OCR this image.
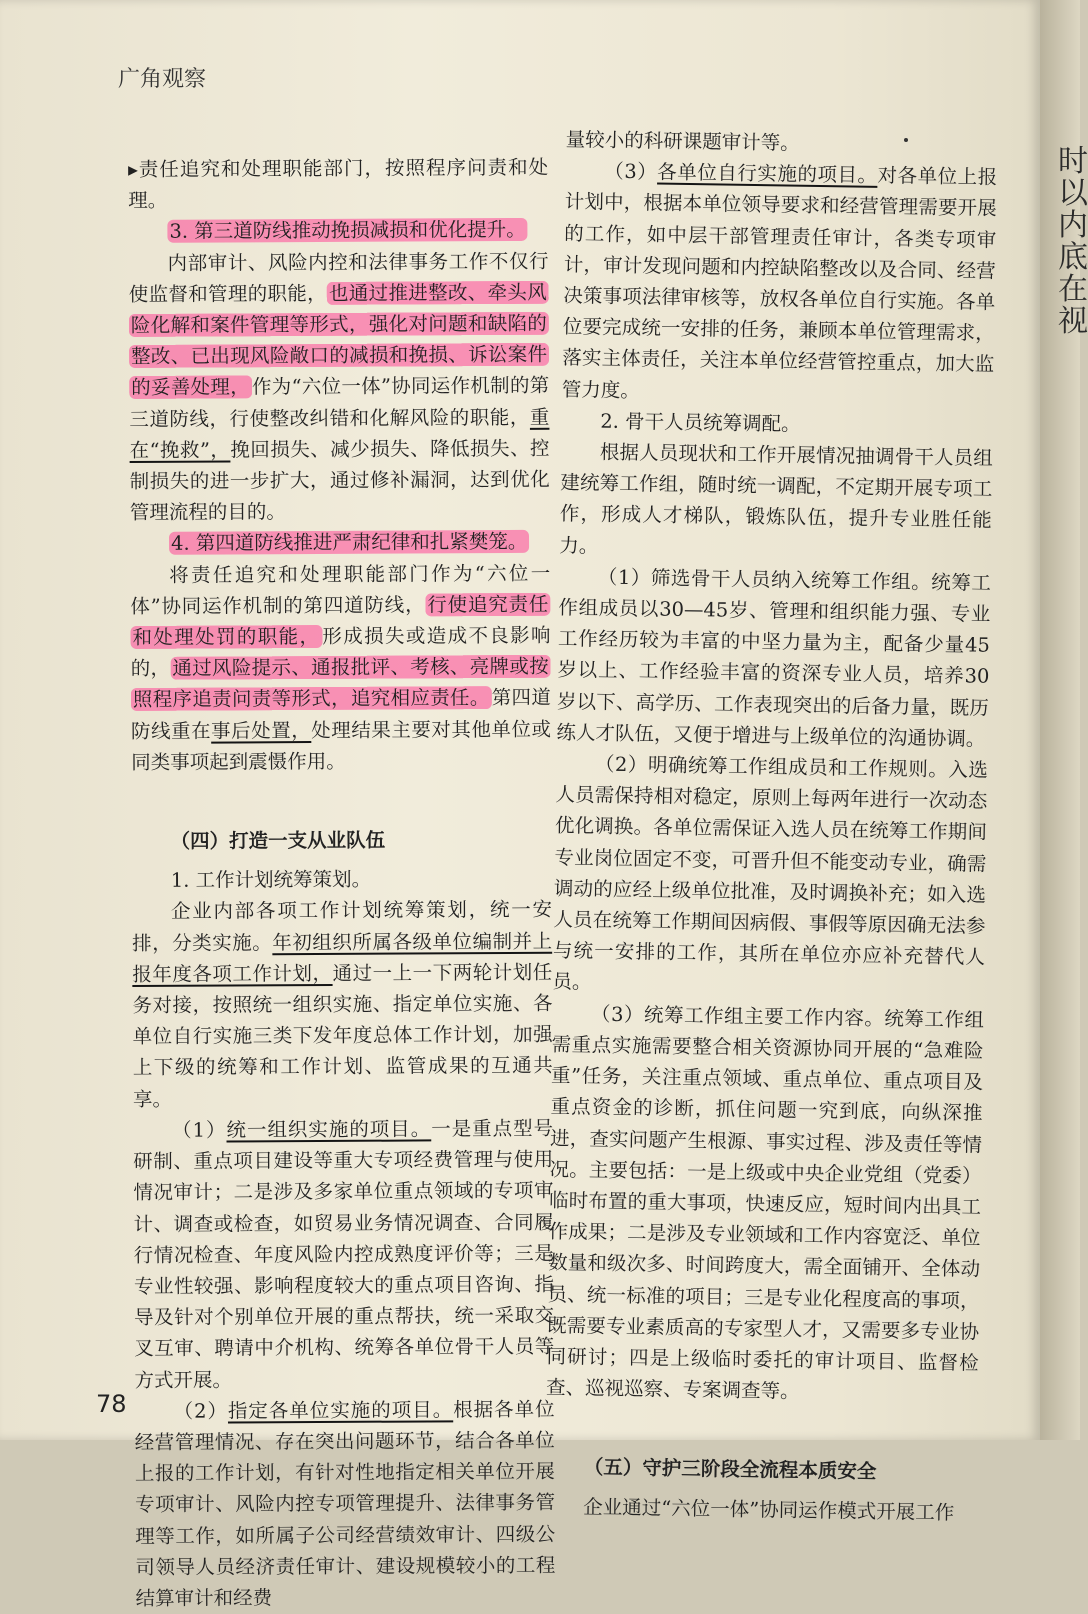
广角观察

▸责任追究和处理职能部门，按照程序问责和处理。

3. 第三道防线推动挽损减损和优化提升。

内部审计、风险内控和法律事务工作不仅行使监督和管理的职能，也通过推进整改、牵头风险化解和案件管理等形式，强化对问题和缺陷的整改、已出现风险敞口的减损和挽损、诉讼案件的妥善处理，作为“六位一体”协同运作机制的第三道防线，行使整改纠错和化解风险的职能，重在“挽救”，挽回损失、减少损失、降低损失、控制损失的进一步扩大，通过修补漏洞，达到优化管理流程的目的。

4. 第四道防线推进严肃纪律和扎紧樊笼。

将责任追究和处理职能部门作为“六位一体”协同运作机制的第四道防线，行使追究责任和处理处罚的职能，形成损失或造成不良影响的，通过风险提示、通报批评、考核、亮牌或按照程序追责问责等形式，追究相应责任。第四道防线重在事后处置，处理结果主要对其他单位或同类事项起到震慑作用。

（四）打造一支从业队伍

1. 工作计划统筹策划。

企业内部各项工作计划统筹策划，统一安排，分类实施。年初组织所属各级单位编制并上报年度各项工作计划，通过一上一下两轮计划任务对接，按照统一组织实施、指定单位实施、各单位自行实施三类下发年度总体工作计划，加强上下级的统筹和工作计划、监管成果的互通共享。

（1）统一组织实施的项目。一是重点型号研制、重点项目建设等重大专项经费管理与使用情况审计；二是涉及多家单位重点领域的专项审计、调查或检查，如贸易业务情况调查、合同履行情况检查、年度风险内控成熟度评价等；三是专业性较强、影响程度较大的重点项目咨询、指导及针对个别单位开展的重点帮扶，统一采取交叉互审、聘请中介机构、统筹各单位骨干人员等方式开展。

（2）指定各单位实施的项目。根据各单位经营管理情况、存在突出问题环节，结合各单位上报的工作计划，有针对性地指定相关单位开展专项审计、风险内控专项管理提升、法律事务管理等工作，如所属子公司经营绩效审计、四级公司领导人员经济责任审计、建设规模较小的工程结算审计和经费

量较小的科研课题审计等。

（3）各单位自行实施的项目。对各单位上报计划中，根据本单位领导要求和经营管理需要开展的工作，如中层干部管理责任审计，各类专项审计，审计发现问题和内控缺陷整改以及合同、经营决策事项法律审核等，放权各单位自行实施。各单位要完成统一安排的任务，兼顾本单位管理需求，落实主体责任，关注本单位经营管控重点，加大监管力度。

2. 骨干人员统筹调配。

根据人员现状和工作开展情况抽调骨干人员组建统筹工作组，随时统一调配，不定期开展专项工作，形成人才梯队，锻炼队伍，提升专业胜任能力。

（1）筛选骨干人员纳入统筹工作组。统筹工作组成员以30—45岁、管理和组织能力强、专业工作经历较为丰富的中坚力量为主，配备少量45岁以上、工作经验丰富的资深专业人员，培养30岁以下、高学历、工作表现突出的后备力量，既历练人才队伍，又便于增进与上级单位的沟通协调。

（2）明确统筹工作组成员和工作规则。入选人员需保持相对稳定，原则上每两年进行一次动态优化调换。各单位需保证入选人员在统筹工作期间专业岗位固定不变，可晋升但不能变动专业，确需调动的应经上级单位批准，及时调换补充；如入选人员在统筹工作期间因病假、事假等原因确无法参与统一安排的工作，其所在单位亦应补充替代人员。

（3）统筹工作组主要工作内容。统筹工作组需重点实施需要整合相关资源协同开展的“急难险重”任务，关注重点领域、重点单位、重点项目及重点资金的诊断，抓住问题一究到底，向纵深推进，查实问题产生根源、事实过程、涉及责任等情况。主要包括：一是上级或中央企业党组（党委）临时布置的重大事项，快速反应，短时间内出具工作成果；二是涉及专业领域和工作内容宽泛、单位数量和级次多、时间跨度大，需全面铺开、全体动员、统一标准的项目；三是专业化程度高的事项，既需要专业素质高的专家型人才，又需要多专业协同研讨；四是上级临时委托的审计项目、监督检查、巡视巡察、专案调查等。

（五）守护三阶段全流程本质安全

企业通过“六位一体”协同运作模式开展工作

78
时
以
内
底
在
视
